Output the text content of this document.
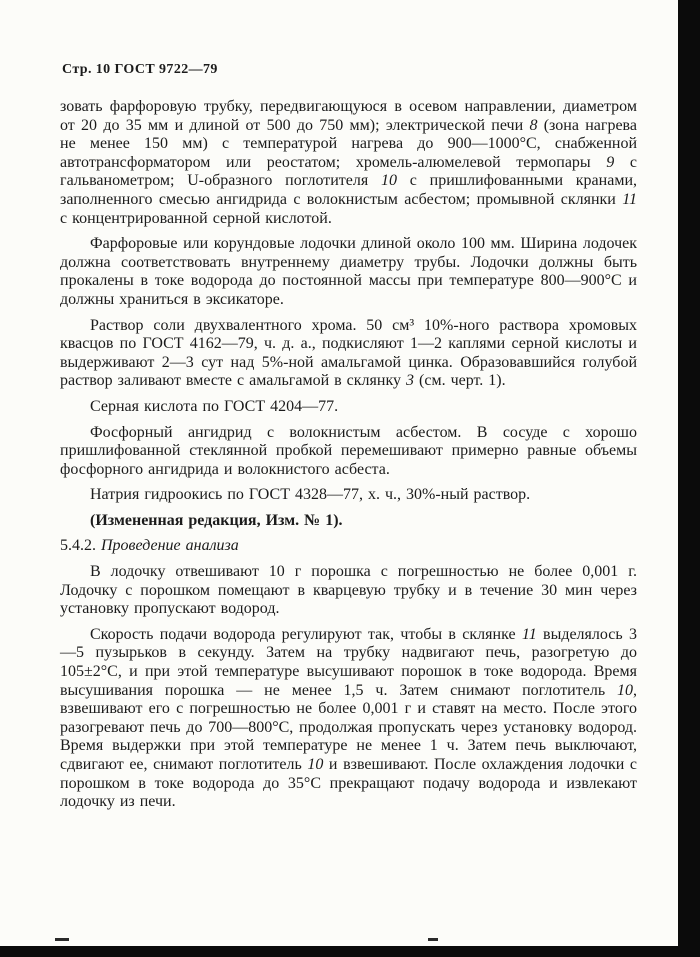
Стр. 10 ГОСТ 9722—79

зовать фарфоровую трубку, передвигающуюся в осевом направлении, диаметром от 20 до 35 мм и длиной от 500 до 750 мм); электрической печи 8 (зона нагрева не менее 150 мм) с температурой нагрева до 900—1000°С, снабженной автотрансформатором или реостатом; хромель-алюмелевой термопары 9 с гальванометром; U-образного поглотителя 10 с пришлифованными кранами, заполненного смесью ангидрида с волокнистым асбестом; промывной склянки 11 с концентрированной серной кислотой.

Фарфоровые или корундовые лодочки длиной около 100 мм. Ширина лодочек должна соответствовать внутреннему диаметру трубы. Лодочки должны быть прокалены в токе водорода до постоянной массы при температуре 800—900°С и должны храниться в эксикаторе.

Раствор соли двухвалентного хрома. 50 см³ 10%-ного раствора хромовых квасцов по ГОСТ 4162—79, ч. д. а., подкисляют 1—2 каплями серной кислоты и выдерживают 2—3 сут над 5%-ной амальгамой цинка. Образовавшийся голубой раствор заливают вместе с амальгамой в склянку 3 (см. черт. 1).

Серная кислота по ГОСТ 4204—77.

Фосфорный ангидрид с волокнистым асбестом. В сосуде с хорошо пришлифованной стеклянной пробкой перемешивают примерно равные объемы фосфорного ангидрида и волокнистого асбеста.

Натрия гидроокись по ГОСТ 4328—77, х. ч., 30%-ный раствор.

(Измененная редакция, Изм. № 1).

5.4.2. Проведение анализа

В лодочку отвешивают 10 г порошка с погрешностью не более 0,001 г. Лодочку с порошком помещают в кварцевую трубку и в течение 30 мин через установку пропускают водород.

Скорость подачи водорода регулируют так, чтобы в склянке 11 выделялось 3—5 пузырьков в секунду. Затем на трубку надвигают печь, разогретую до 105±2°С, и при этой температуре высушивают порошок в токе водорода. Время высушивания порошка — не менее 1,5 ч. Затем снимают поглотитель 10, взвешивают его с погрешностью не более 0,001 г и ставят на место. После этого разогревают печь до 700—800°С, продолжая пропускать через установку водород. Время выдержки при этой температуре не менее 1 ч. Затем печь выключают, сдвигают ее, снимают поглотитель 10 и взвешивают. После охлаждения лодочки с порошком в токе водорода до 35°С прекращают подачу водорода и извлекают лодочку из печи.
